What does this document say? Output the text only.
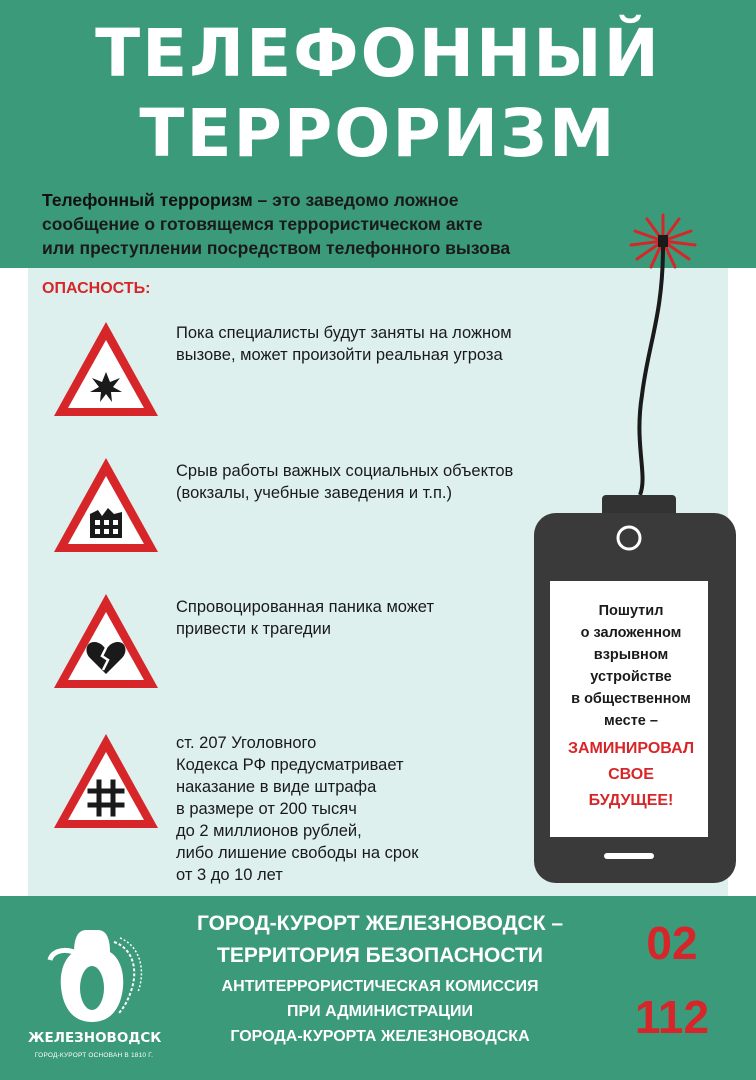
ТЕЛЕФОННЫЙ
ТЕРРОРИЗМ
Телефонный терроризм – это заведомо ложное
сообщение о готовящемся террористическом акте
или преступлении посредством телефонного вызова
ОПАСНОСТЬ:
Пока специалисты будут заняты на ложном
вызове, может произойти реальная угроза
Срыв работы важных социальных объектов
(вокзалы, учебные заведения и т.п.)
Спровоцированная паника может
привести к трагедии
ст. 207 Уголовного
Кодекса РФ предусматривает
наказание в виде штрафа
в размере от 200 тысяч
до 2 миллионов рублей,
либо лишение свободы на срок
от 3 до 10 лет
Пошутил
о заложенном
взрывном
устройстве
в общественном
месте –
ЗАМИНИРОВАЛ
СВОЕ
БУДУЩЕЕ!
ЖЕЛЕЗНОВОДСК
ГОРОД-КУРОРТ ОСНОВАН В 1810 Г.
ГОРОД-КУРОРТ ЖЕЛЕЗНОВОДСК –
ТЕРРИТОРИЯ БЕЗОПАСНОСТИ
АНТИТЕРРОРИСТИЧЕСКАЯ КОМИССИЯ
ПРИ АДМИНИСТРАЦИИ
ГОРОДА-КУРОРТА ЖЕЛЕЗНОВОДСКА
02
112
